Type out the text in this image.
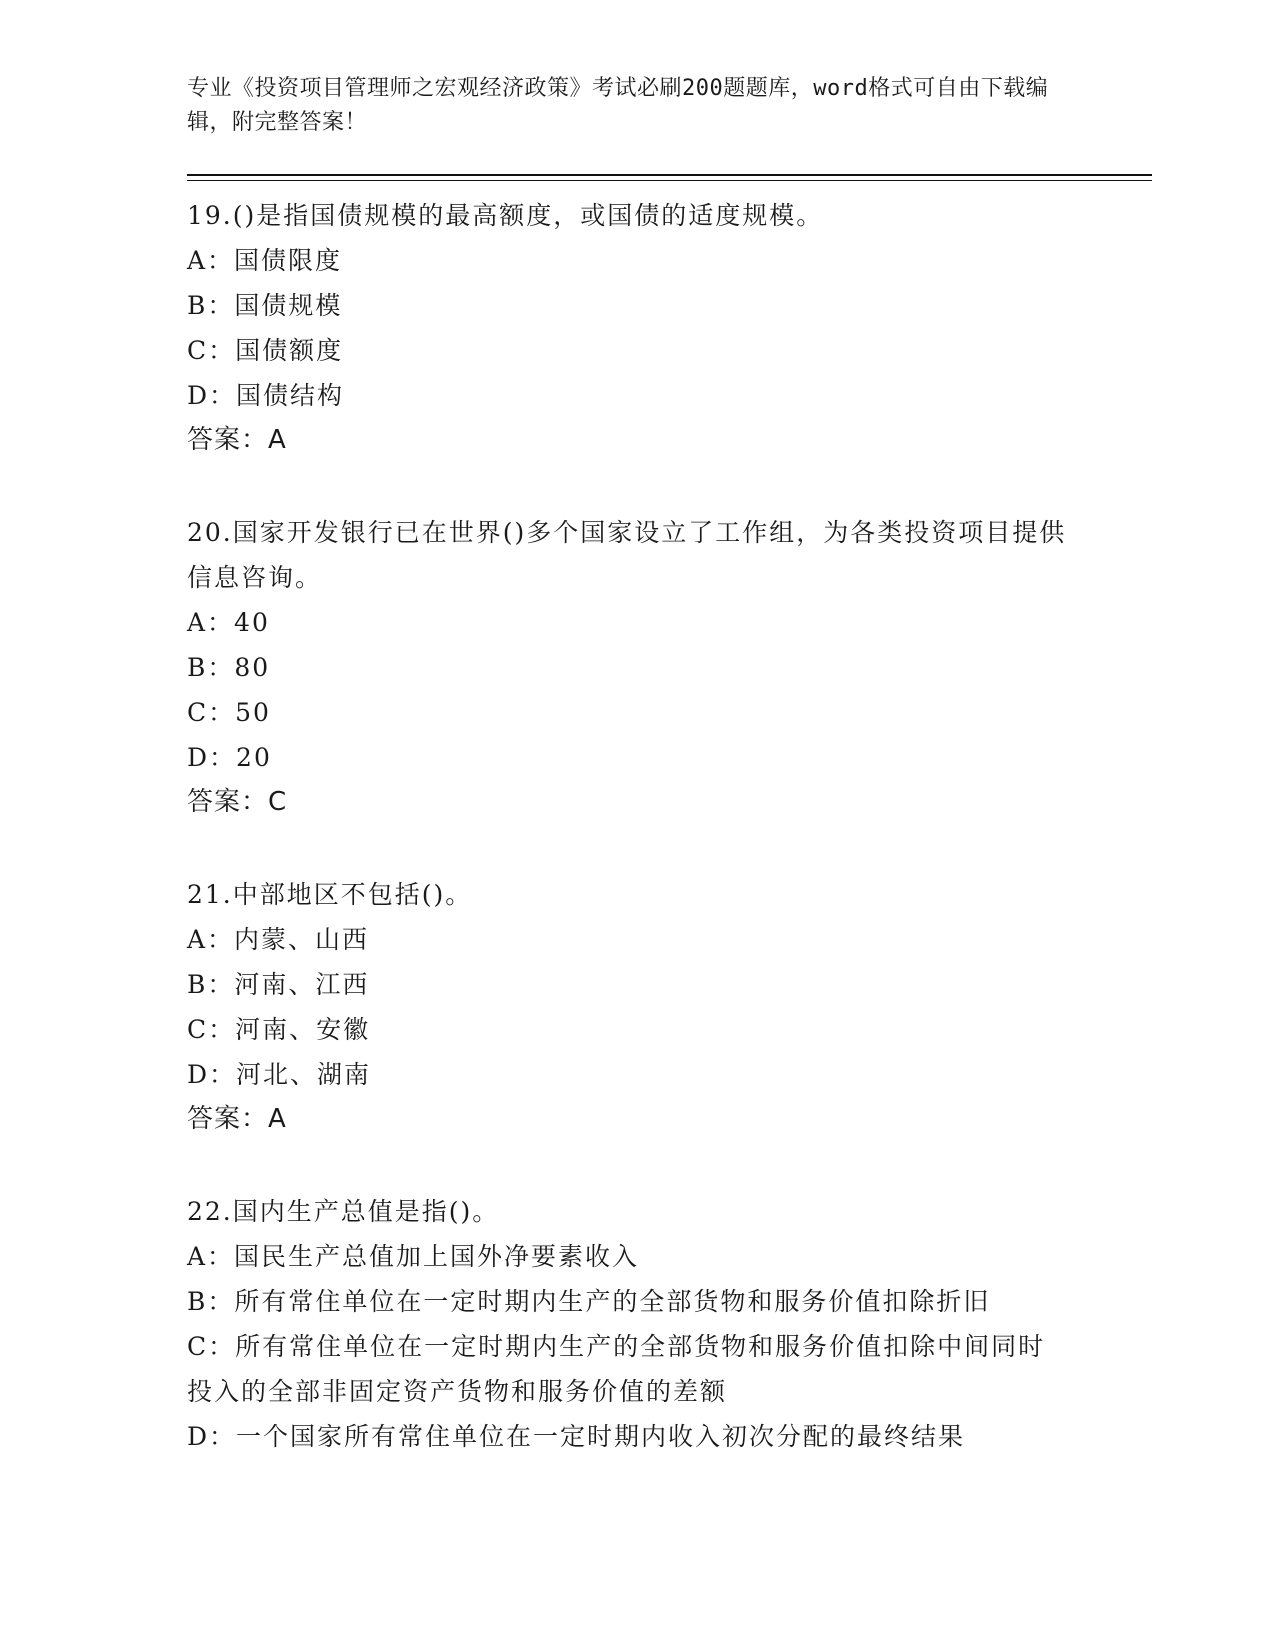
专业《投资项目管理师之宏观经济政策》考试必刷200题题库，word格式可自由下载编辑，附完整答案！
19.()是指国债规模的最高额度，或国债的适度规模。
A：国债限度
B：国债规模
C：国债额度
D：国债结构
答案：A
20.国家开发银行已在世界()多个国家设立了工作组，为各类投资项目提供信息咨询。
A：40
B：80
C：50
D：20
答案：C
21.中部地区不包括()。
A：内蒙、山西
B：河南、江西
C：河南、安徽
D：河北、湖南
答案：A
22.国内生产总值是指()。
A：国民生产总值加上国外净要素收入
B：所有常住单位在一定时期内生产的全部货物和服务价值扣除折旧
C：所有常住单位在一定时期内生产的全部货物和服务价值扣除中间同时投入的全部非固定资产货物和服务价值的差额
D：一个国家所有常住单位在一定时期内收入初次分配的最终结果
